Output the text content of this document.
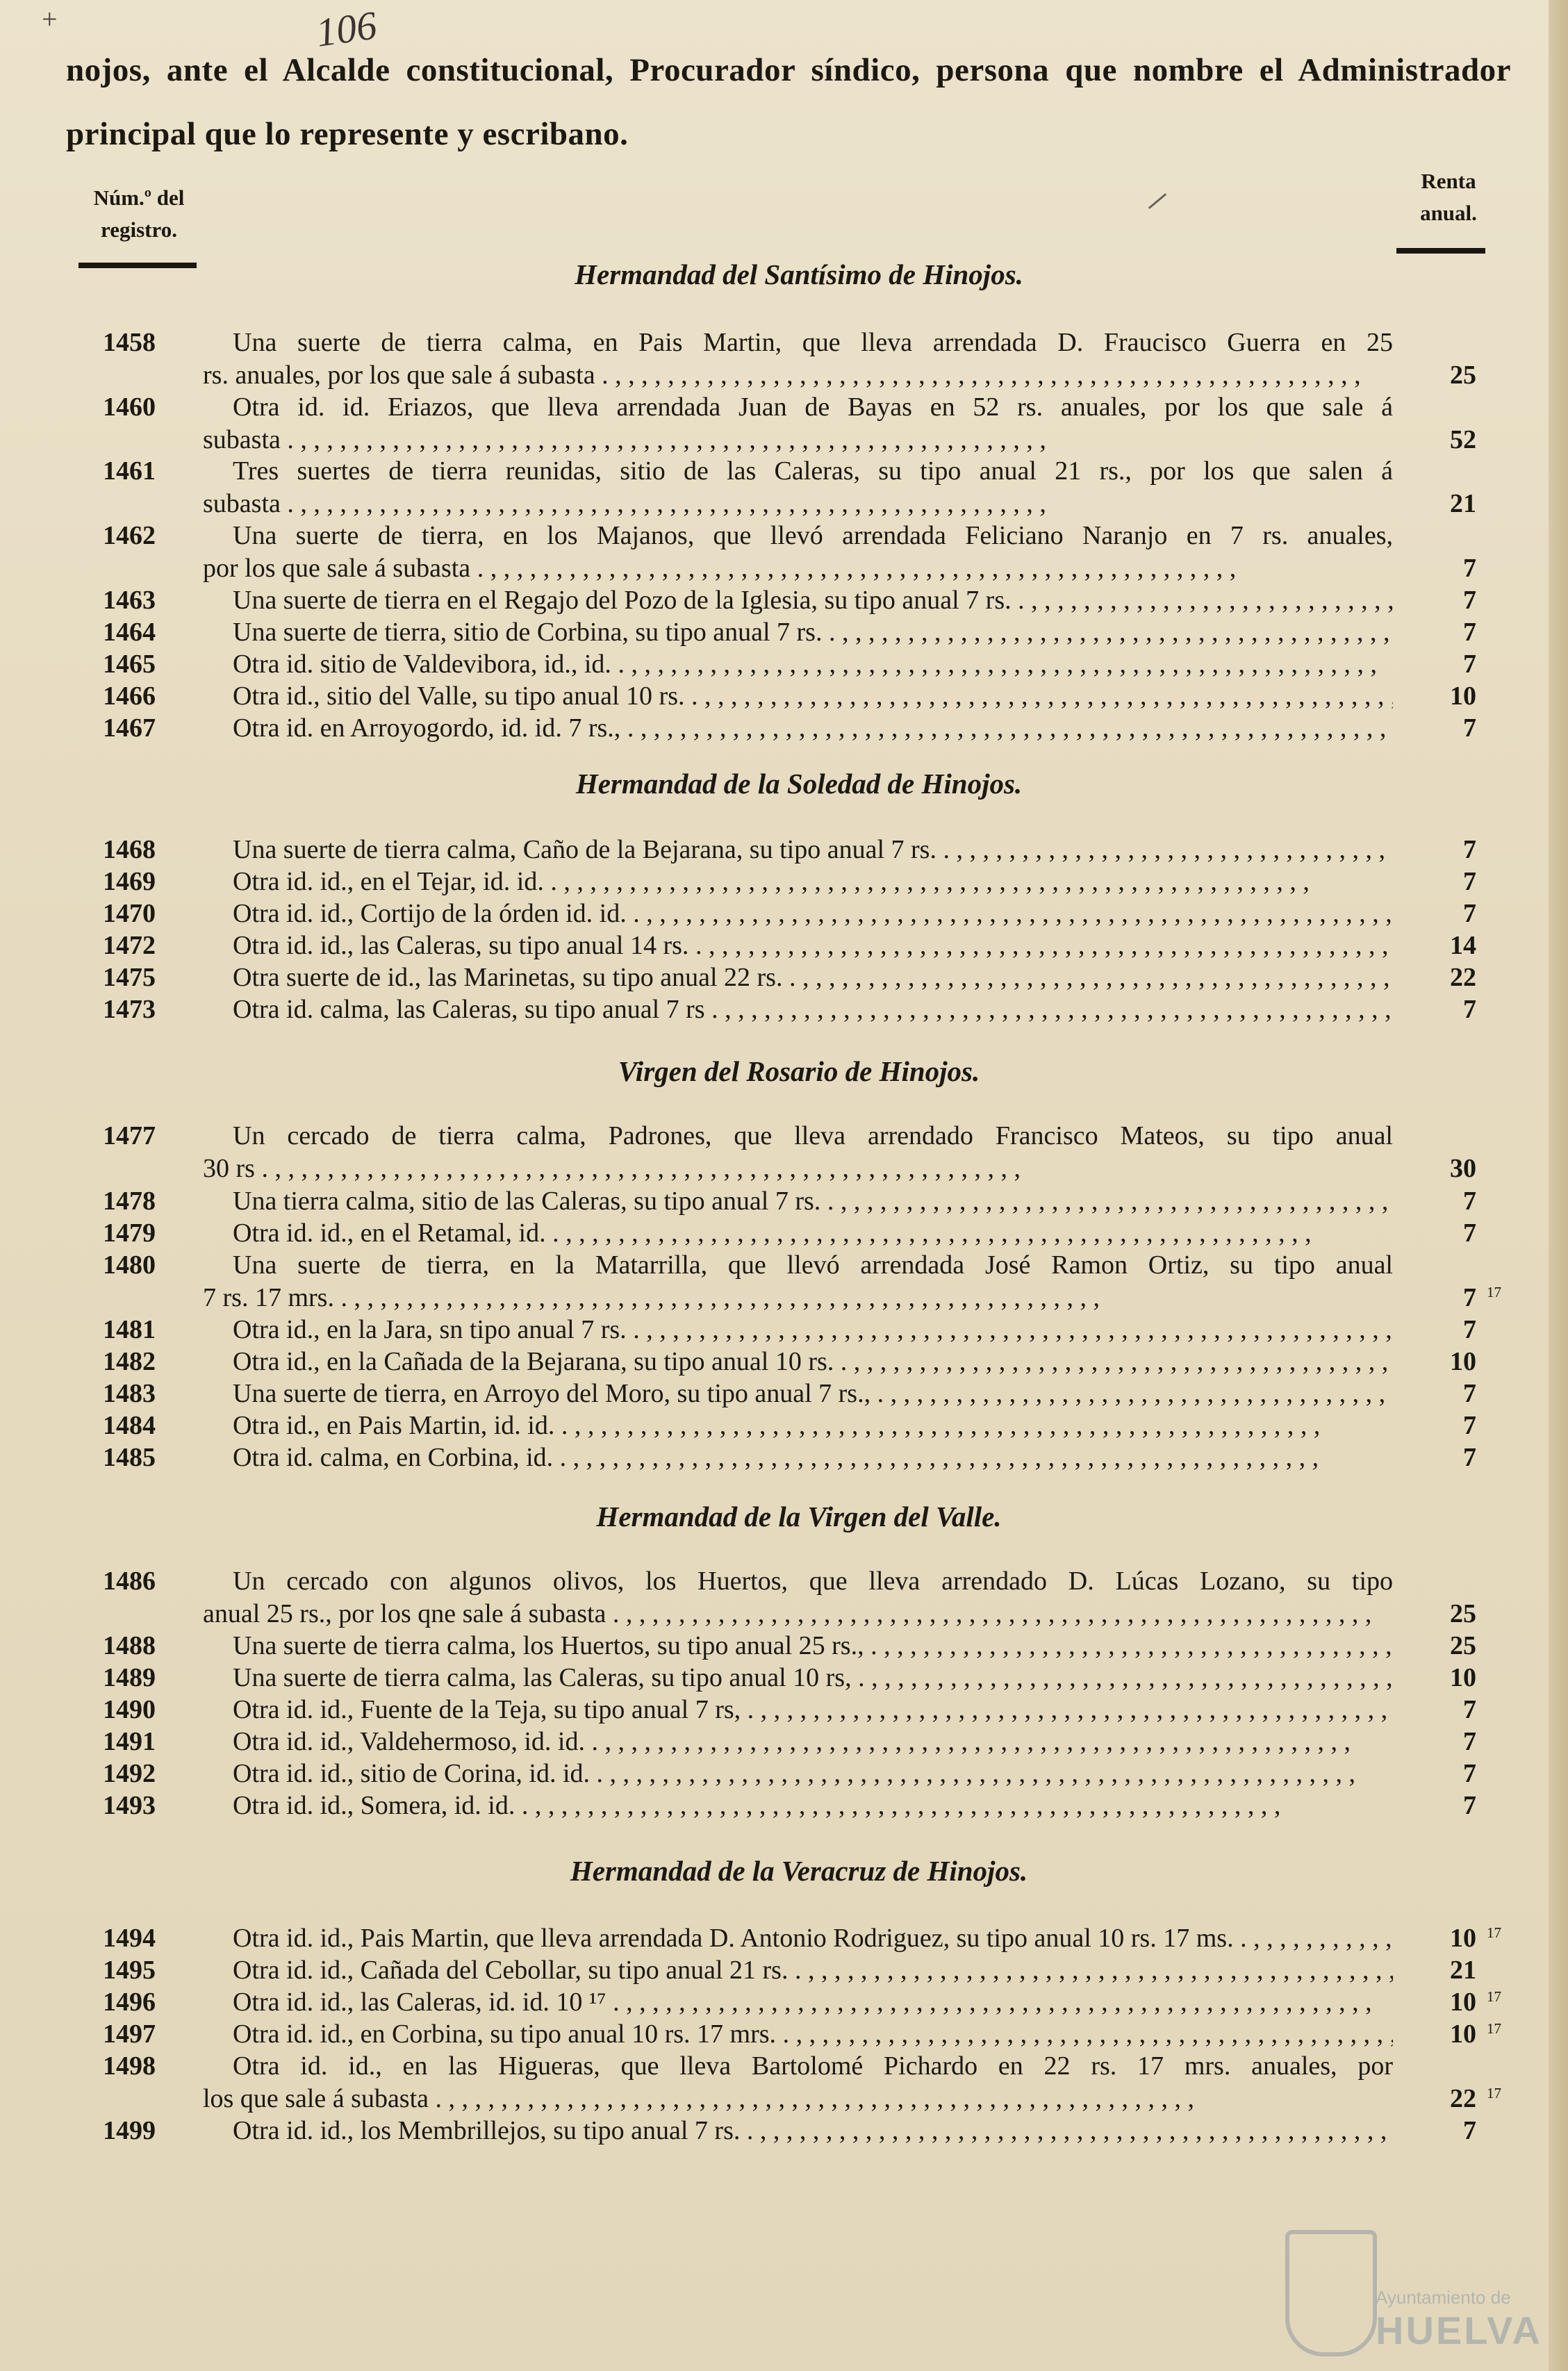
+	106
nojos, ante el Alcalde constitucional, Procurador síndico, persona que nombre el Administrador principal que lo represente y escribano.
Núm.º del registro.
Renta anual.
Hermandad del Santísimo de Hinojos.
Hermandad de la Soledad de Hinojos.
Virgen del Rosario de Hinojos.
Hermandad de la Virgen del Valle.
Hermandad de la Veracruz de Hinojos.
1458	Una suerte de tierra calma, en Pais Martin, que lleva arrendada D. Fraucisco Guerra en 25
rs. anuales, por los que sale á subasta . , , , , , , , , , , , , , , , , , , , , , , , , , , , , , , , , , , , , , , , , , , , , , , , , , , , , , , , , ,	25
1460	Otra id. id. Eriazos, que lleva arrendada Juan de Bayas en 52 rs. anuales, por los que sale á
subasta . , , , , , , , , , , , , , , , , , , , , , , , , , , , , , , , , , , , , , , , , , , , , , , , , , , , , , , , , ,	52
1461	Tres suertes de tierra reunidas, sitio de las Caleras, su tipo anual 21 rs., por los que salen á
subasta . , , , , , , , , , , , , , , , , , , , , , , , , , , , , , , , , , , , , , , , , , , , , , , , , , , , , , , , , ,	21
1462	Una suerte de tierra, en los Majanos, que llevó arrendada Feliciano Naranjo en 7 rs. anuales,
por los que sale á subasta . , , , , , , , , , , , , , , , , , , , , , , , , , , , , , , , , , , , , , , , , , , , , , , , , , , , , , , , , ,	7
1463	Una suerte de tierra en el Regajo del Pozo de la Iglesia, su tipo anual 7 rs. . , , , , , , , , , , , , , , , , , , , , , , , , , , , , , , , , , , , , , , , , , , , , , , , , , , , , , , , , ,	7
1464	Una suerte de tierra, sitio de Corbina, su tipo anual 7 rs. . , , , , , , , , , , , , , , , , , , , , , , , , , , , , , , , , , , , , , , , , , , , , , , , , , , , , , , , , ,	7
1465	Otra id. sitio de Valdevibora, id., id. . , , , , , , , , , , , , , , , , , , , , , , , , , , , , , , , , , , , , , , , , , , , , , , , , , , , , , , , , ,	7
1466	Otra id., sitio del Valle, su tipo anual 10 rs. . , , , , , , , , , , , , , , , , , , , , , , , , , , , , , , , , , , , , , , , , , , , , , , , , , , , , , , , , ,	10
1467	Otra id. en Arroyogordo, id. id. 7 rs., . , , , , , , , , , , , , , , , , , , , , , , , , , , , , , , , , , , , , , , , , , , , , , , , , , , , , , , , , ,	7
1468	Una suerte de tierra calma, Caño de la Bejarana, su tipo anual 7 rs. . , , , , , , , , , , , , , , , , , , , , , , , , , , , , , , , , , , , , , , , , , , , , , , , , , , , , , , , , ,	7
1469	Otra id. id., en el Tejar, id. id. . , , , , , , , , , , , , , , , , , , , , , , , , , , , , , , , , , , , , , , , , , , , , , , , , , , , , , , , , ,	7
1470	Otra id. id., Cortijo de la órden id. id. . , , , , , , , , , , , , , , , , , , , , , , , , , , , , , , , , , , , , , , , , , , , , , , , , , , , , , , , , ,	7
1472	Otra id. id., las Caleras, su tipo anual 14 rs. . , , , , , , , , , , , , , , , , , , , , , , , , , , , , , , , , , , , , , , , , , , , , , , , , , , , , , , , , ,	14
1475	Otra suerte de id., las Marinetas, su tipo anual 22 rs. . , , , , , , , , , , , , , , , , , , , , , , , , , , , , , , , , , , , , , , , , , , , , , , , , , , , , , , , , ,	22
1473	Otra id. calma, las Caleras, su tipo anual 7 rs . , , , , , , , , , , , , , , , , , , , , , , , , , , , , , , , , , , , , , , , , , , , , , , , , , , , , , , , , ,	7
1477	Un cercado de tierra calma, Padrones, que lleva arrendado Francisco Mateos, su tipo anual
30 rs . , , , , , , , , , , , , , , , , , , , , , , , , , , , , , , , , , , , , , , , , , , , , , , , , , , , , , , , , ,	30
1478	Una tierra calma, sitio de las Caleras, su tipo anual 7 rs. . , , , , , , , , , , , , , , , , , , , , , , , , , , , , , , , , , , , , , , , , , , , , , , , , , , , , , , , , ,	7
1479	Otra id. id., en el Retamal, id. . , , , , , , , , , , , , , , , , , , , , , , , , , , , , , , , , , , , , , , , , , , , , , , , , , , , , , , , , ,	7
1480	Una suerte de tierra, en la Matarrilla, que llevó arrendada José Ramon Ortiz, su tipo anual
7 rs. 17 mrs. . , , , , , , , , , , , , , , , , , , , , , , , , , , , , , , , , , , , , , , , , , , , , , , , , , , , , , , , , ,	7 17
1481	Otra id., en la Jara, sn tipo anual 7 rs. . , , , , , , , , , , , , , , , , , , , , , , , , , , , , , , , , , , , , , , , , , , , , , , , , , , , , , , , , ,	7
1482	Otra id., en la Cañada de la Bejarana, su tipo anual 10 rs. . , , , , , , , , , , , , , , , , , , , , , , , , , , , , , , , , , , , , , , , , , , , , , , , , , , , , , , , , ,	10
1483	Una suerte de tierra, en Arroyo del Moro, su tipo anual 7 rs., . , , , , , , , , , , , , , , , , , , , , , , , , , , , , , , , , , , , , , , , , , , , , , , , , , , , , , , , , ,	7
1484	Otra id., en Pais Martin, id. id. . , , , , , , , , , , , , , , , , , , , , , , , , , , , , , , , , , , , , , , , , , , , , , , , , , , , , , , , , ,	7
1485	Otra id. calma, en Corbina, id. . , , , , , , , , , , , , , , , , , , , , , , , , , , , , , , , , , , , , , , , , , , , , , , , , , , , , , , , , ,	7
1486	Un cercado con algunos olivos, los Huertos, que lleva arrendado D. Lúcas Lozano, su tipo
anual 25 rs., por los qne sale á subasta . , , , , , , , , , , , , , , , , , , , , , , , , , , , , , , , , , , , , , , , , , , , , , , , , , , , , , , , , ,	25
1488	Una suerte de tierra calma, los Huertos, su tipo anual 25 rs., . , , , , , , , , , , , , , , , , , , , , , , , , , , , , , , , , , , , , , , , , , , , , , , , , , , , , , , , , ,	25
1489	Una suerte de tierra calma, las Caleras, su tipo anual 10 rs, . , , , , , , , , , , , , , , , , , , , , , , , , , , , , , , , , , , , , , , , , , , , , , , , , , , , , , , , , ,	10
1490	Otra id. id., Fuente de la Teja, su tipo anual 7 rs, . , , , , , , , , , , , , , , , , , , , , , , , , , , , , , , , , , , , , , , , , , , , , , , , , , , , , , , , , ,	7
1491	Otra id. id., Valdehermoso, id. id. . , , , , , , , , , , , , , , , , , , , , , , , , , , , , , , , , , , , , , , , , , , , , , , , , , , , , , , , , ,	7
1492	Otra id. id., sitio de Corina, id. id. . , , , , , , , , , , , , , , , , , , , , , , , , , , , , , , , , , , , , , , , , , , , , , , , , , , , , , , , , ,	7
1493	Otra id. id., Somera, id. id. . , , , , , , , , , , , , , , , , , , , , , , , , , , , , , , , , , , , , , , , , , , , , , , , , , , , , , , , , ,	7
1494	Otra id. id., Pais Martin, que lleva arrendada D. Antonio Rodriguez, su tipo anual 10 rs. 17 ms. . , , , , , , , , , , , , , , , , , , , , , , , , , , , , , , , , , , , , , , , , , , , , , , , , , , , , , , , , ,	10 17
1495	Otra id. id., Cañada del Cebollar, su tipo anual 21 rs. . , , , , , , , , , , , , , , , , , , , , , , , , , , , , , , , , , , , , , , , , , , , , , , , , , , , , , , , , ,	21
1496	Otra id. id., las Caleras, id. id. 10 ¹⁷ . , , , , , , , , , , , , , , , , , , , , , , , , , , , , , , , , , , , , , , , , , , , , , , , , , , , , , , , , ,	10 17
1497	Otra id. id., en Corbina, su tipo anual 10 rs. 17 mrs. . , , , , , , , , , , , , , , , , , , , , , , , , , , , , , , , , , , , , , , , , , , , , , , , , , , , , , , , , ,	10 17
1498	Otra id. id., en las Higueras, que lleva Bartolomé Pichardo en 22 rs. 17 mrs. anuales, por
los que sale á subasta . , , , , , , , , , , , , , , , , , , , , , , , , , , , , , , , , , , , , , , , , , , , , , , , , , , , , , , , , ,	22 17
1499	Otra id. id., los Membrillejos, su tipo anual 7 rs. . , , , , , , , , , , , , , , , , , , , , , , , , , , , , , , , , , , , , , , , , , , , , , , , , , , , , , , , , ,	7
Ayuntamiento de
HUELVA
